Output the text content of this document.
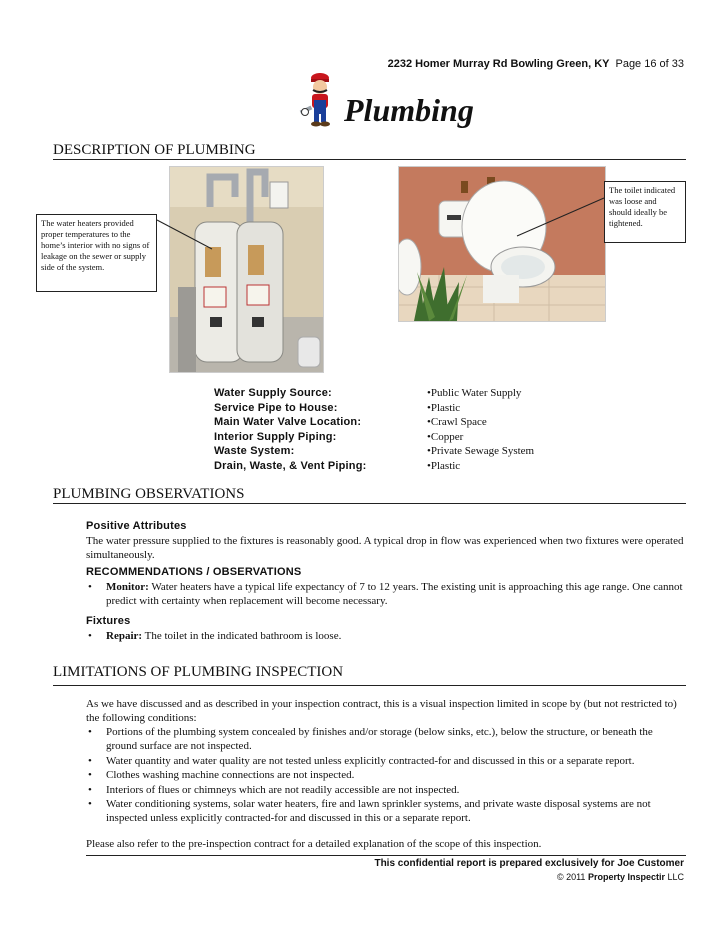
2232 Homer Murray Rd Bowling Green, KY Page 16 of 33
Plumbing
DESCRIPTION OF PLUMBING
The water heaters provided proper temperatures to the home’s interior with no signs of leakage on the sewer or supply side of the system.
The toilet indicated was loose and should ideally be tightened.
Water Supply Source:	•Public Water Supply
Service Pipe to House:	•Plastic
Main Water Valve Location:	•Crawl Space
Interior Supply Piping:	•Copper
Waste System:	•Private Sewage System
Drain, Waste, & Vent Piping:	•Plastic
PLUMBING OBSERVATIONS
Positive Attributes
The water pressure supplied to the fixtures is reasonably good. A typical drop in flow was experienced when two fixtures were operated simultaneously.
RECOMMENDATIONS / OBSERVATIONS
• Monitor: Water heaters have a typical life expectancy of 7 to 12 years. The existing unit is approaching this age range. One cannot predict with certainty when replacement will become necessary.
Fixtures
• Repair: The toilet in the indicated bathroom is loose.
LIMITATIONS OF PLUMBING INSPECTION
As we have discussed and as described in your inspection contract, this is a visual inspection limited in scope by (but not restricted to) the following conditions:
• Portions of the plumbing system concealed by finishes and/or storage (below sinks, etc.), below the structure, or beneath the ground surface are not inspected.
• Water quantity and water quality are not tested unless explicitly contracted-for and discussed in this or a separate report.
• Clothes washing machine connections are not inspected.
• Interiors of flues or chimneys which are not readily accessible are not inspected.
• Water conditioning systems, solar water heaters, fire and lawn sprinkler systems, and private waste disposal systems are not inspected unless explicitly contracted-for and discussed in this or a separate report.
Please also refer to the pre-inspection contract for a detailed explanation of the scope of this inspection.
This confidential report is prepared exclusively for Joe Customer
© 2011 Property Inspectir LLC
